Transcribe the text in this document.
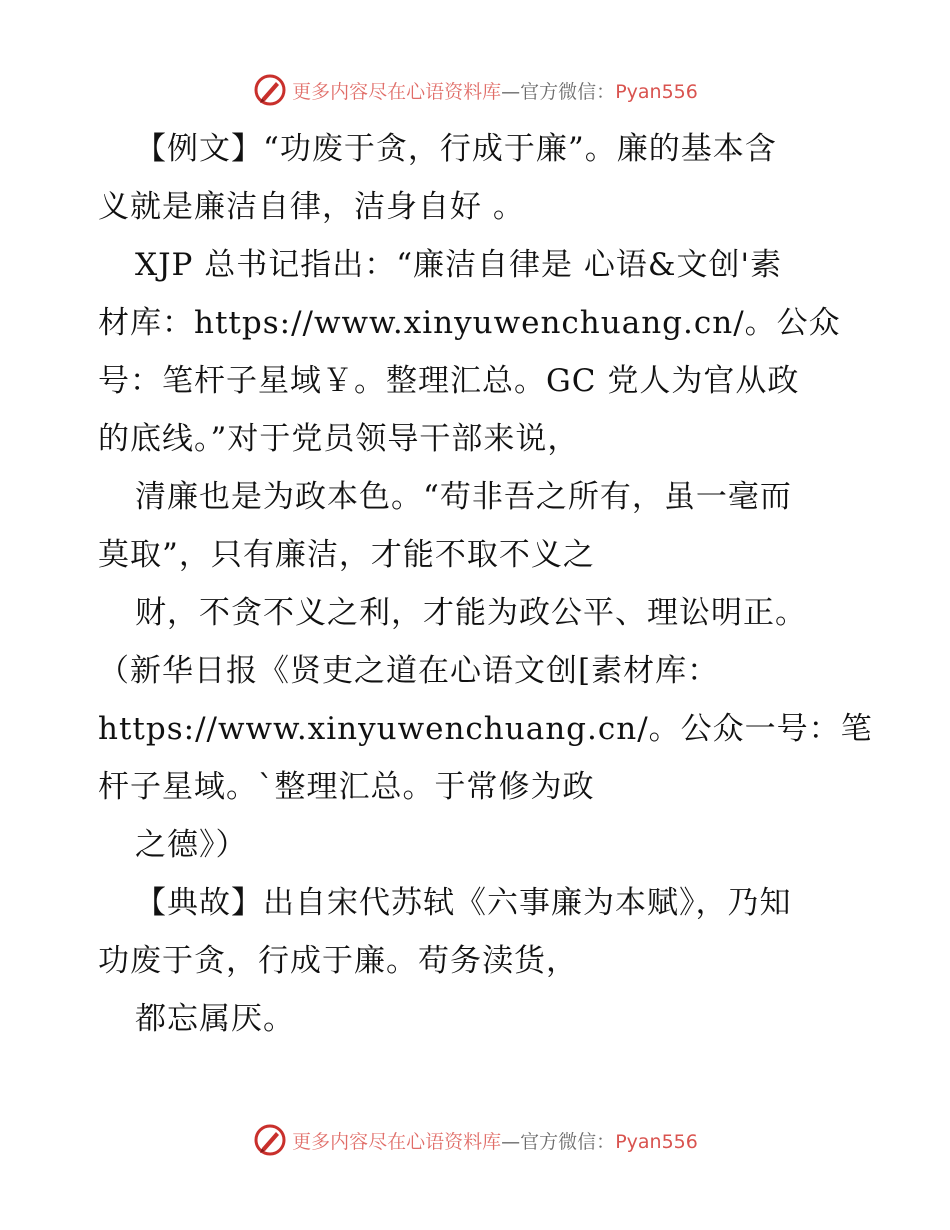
更多内容尽在心语资料库—官方微信：Pyan556
【例文】“功废于贪，行成于廉”。廉的基本含
义就是廉洁自律，洁身自好 。
XJP 总书记指出：“廉洁自律是 心语&文创'素
材库：https://www.xinyuwenchuang.cn/。公众
号：笔杆子星域￥。整理汇总。GC 党人为官从政
的底线。”对于党员领导干部来说，
清廉也是为政本色。“苟非吾之所有，虽一毫而
莫取”，只有廉洁，才能不取不义之
财，不贪不义之利，才能为政公平、理讼明正。
（新华日报《贤吏之道在心语文创[素材库：
https://www.xinyuwenchuang.cn/。公众一号：笔
杆子星域。`整理汇总。于常修为政
之德》）
【典故】出自宋代苏轼《六事廉为本赋》，乃知
功废于贪，行成于廉。苟务渎货，
都忘属厌。
更多内容尽在心语资料库—官方微信：Pyan556
